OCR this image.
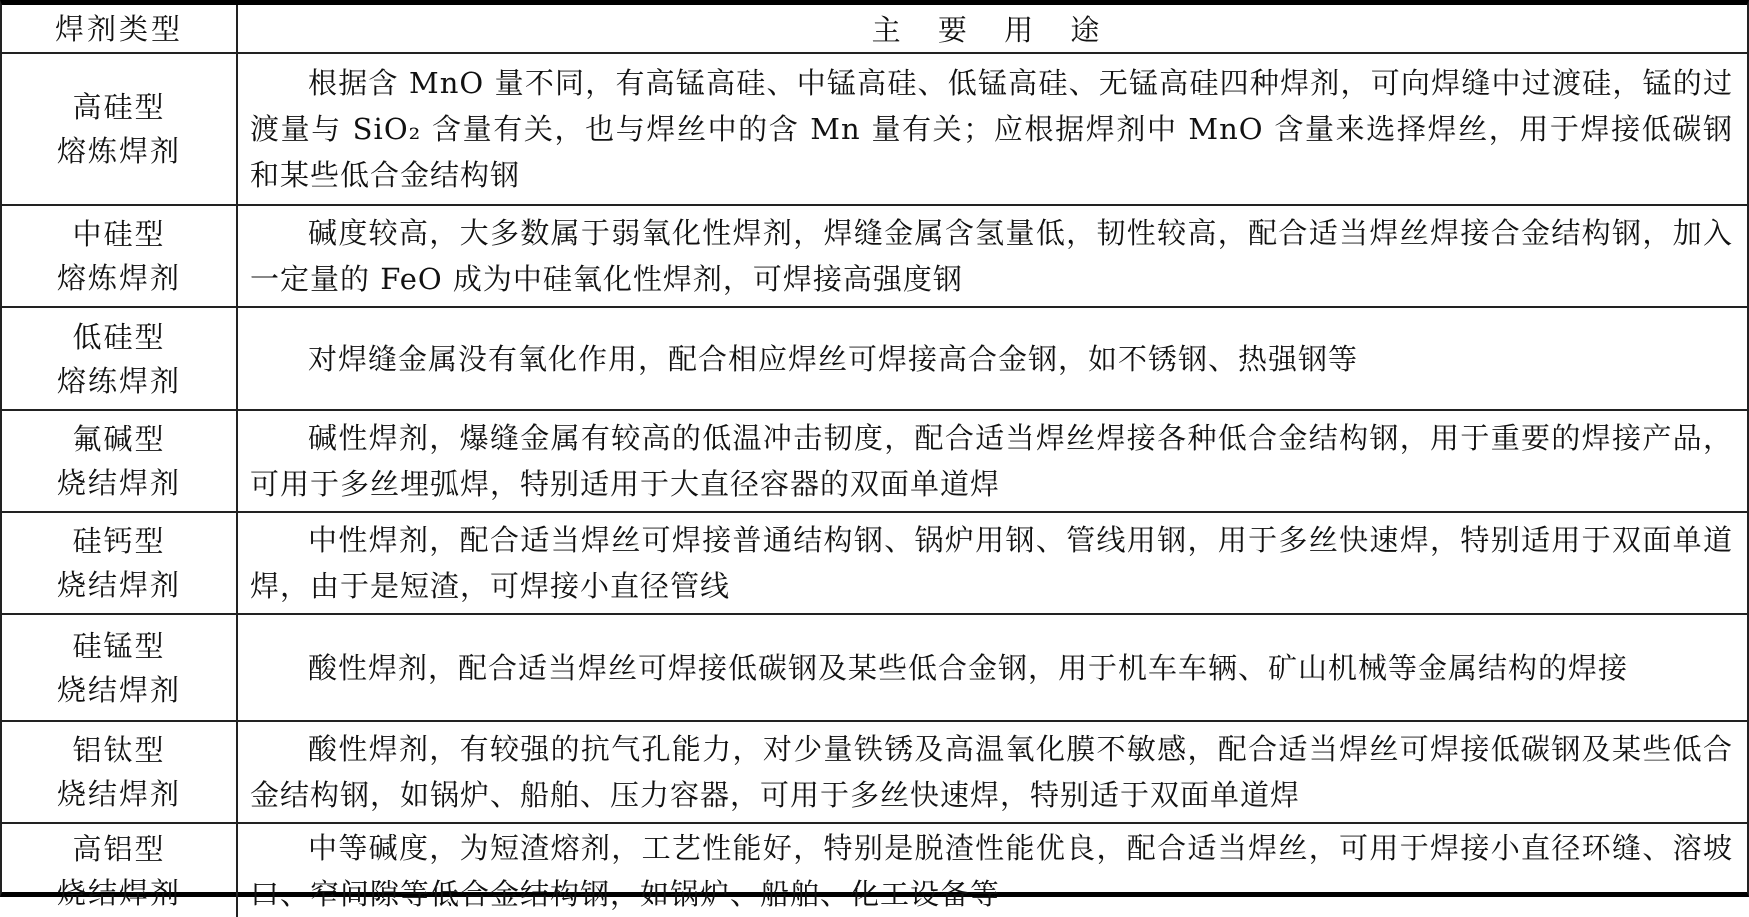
焊剂类型	主 要 用 途
高硅型
熔炼焊剂

根据含 MnO 量不同，有高锰高硅、中锰高硅、低锰高硅、无锰高硅四种焊剂，可向焊缝中过渡硅，锰的过渡量与 SiO₂ 含量有关，也与焊丝中的含 Mn 量有关；应根据焊剂中 MnO 含量来选择焊丝，用于焊接低碳钢和某些低合金结构钢

中硅型
熔炼焊剂

碱度较高，大多数属于弱氧化性焊剂，焊缝金属含氢量低，韧性较高，配合适当焊丝焊接合金结构钢，加入一定量的 FeO 成为中硅氧化性焊剂，可焊接高强度钢

低硅型
熔练焊剂

对焊缝金属没有氧化作用，配合相应焊丝可焊接高合金钢，如不锈钢、热强钢等

氟碱型
烧结焊剂

碱性焊剂，爆缝金属有较高的低温冲击韧度，配合适当焊丝焊接各种低合金结构钢，用于重要的焊接产品，可用于多丝埋弧焊，特别适用于大直径容器的双面单道焊

硅钙型
烧结焊剂

中性焊剂，配合适当焊丝可焊接普通结构钢、锅炉用钢、管线用钢，用于多丝快速焊，特别适用于双面单道焊，由于是短渣，可焊接小直径管线

硅锰型
烧结焊剂

酸性焊剂，配合适当焊丝可焊接低碳钢及某些低合金钢，用于机车车辆、矿山机械等金属结构的焊接

铝钛型
烧结焊剂

酸性焊剂，有较强的抗气孔能力，对少量铁锈及高温氧化膜不敏感，配合适当焊丝可焊接低碳钢及某些低合金结构钢，如锅炉、船舶、压力容器，可用于多丝快速焊，特别适于双面单道焊

高铝型
烧结焊剂

中等碱度，为短渣熔剂，工艺性能好，特别是脱渣性能优良，配合适当焊丝，可用于焊接小直径环缝、溶坡口、窄间隙等低合金结构钢，如锅炉、船舶、化工设备等
